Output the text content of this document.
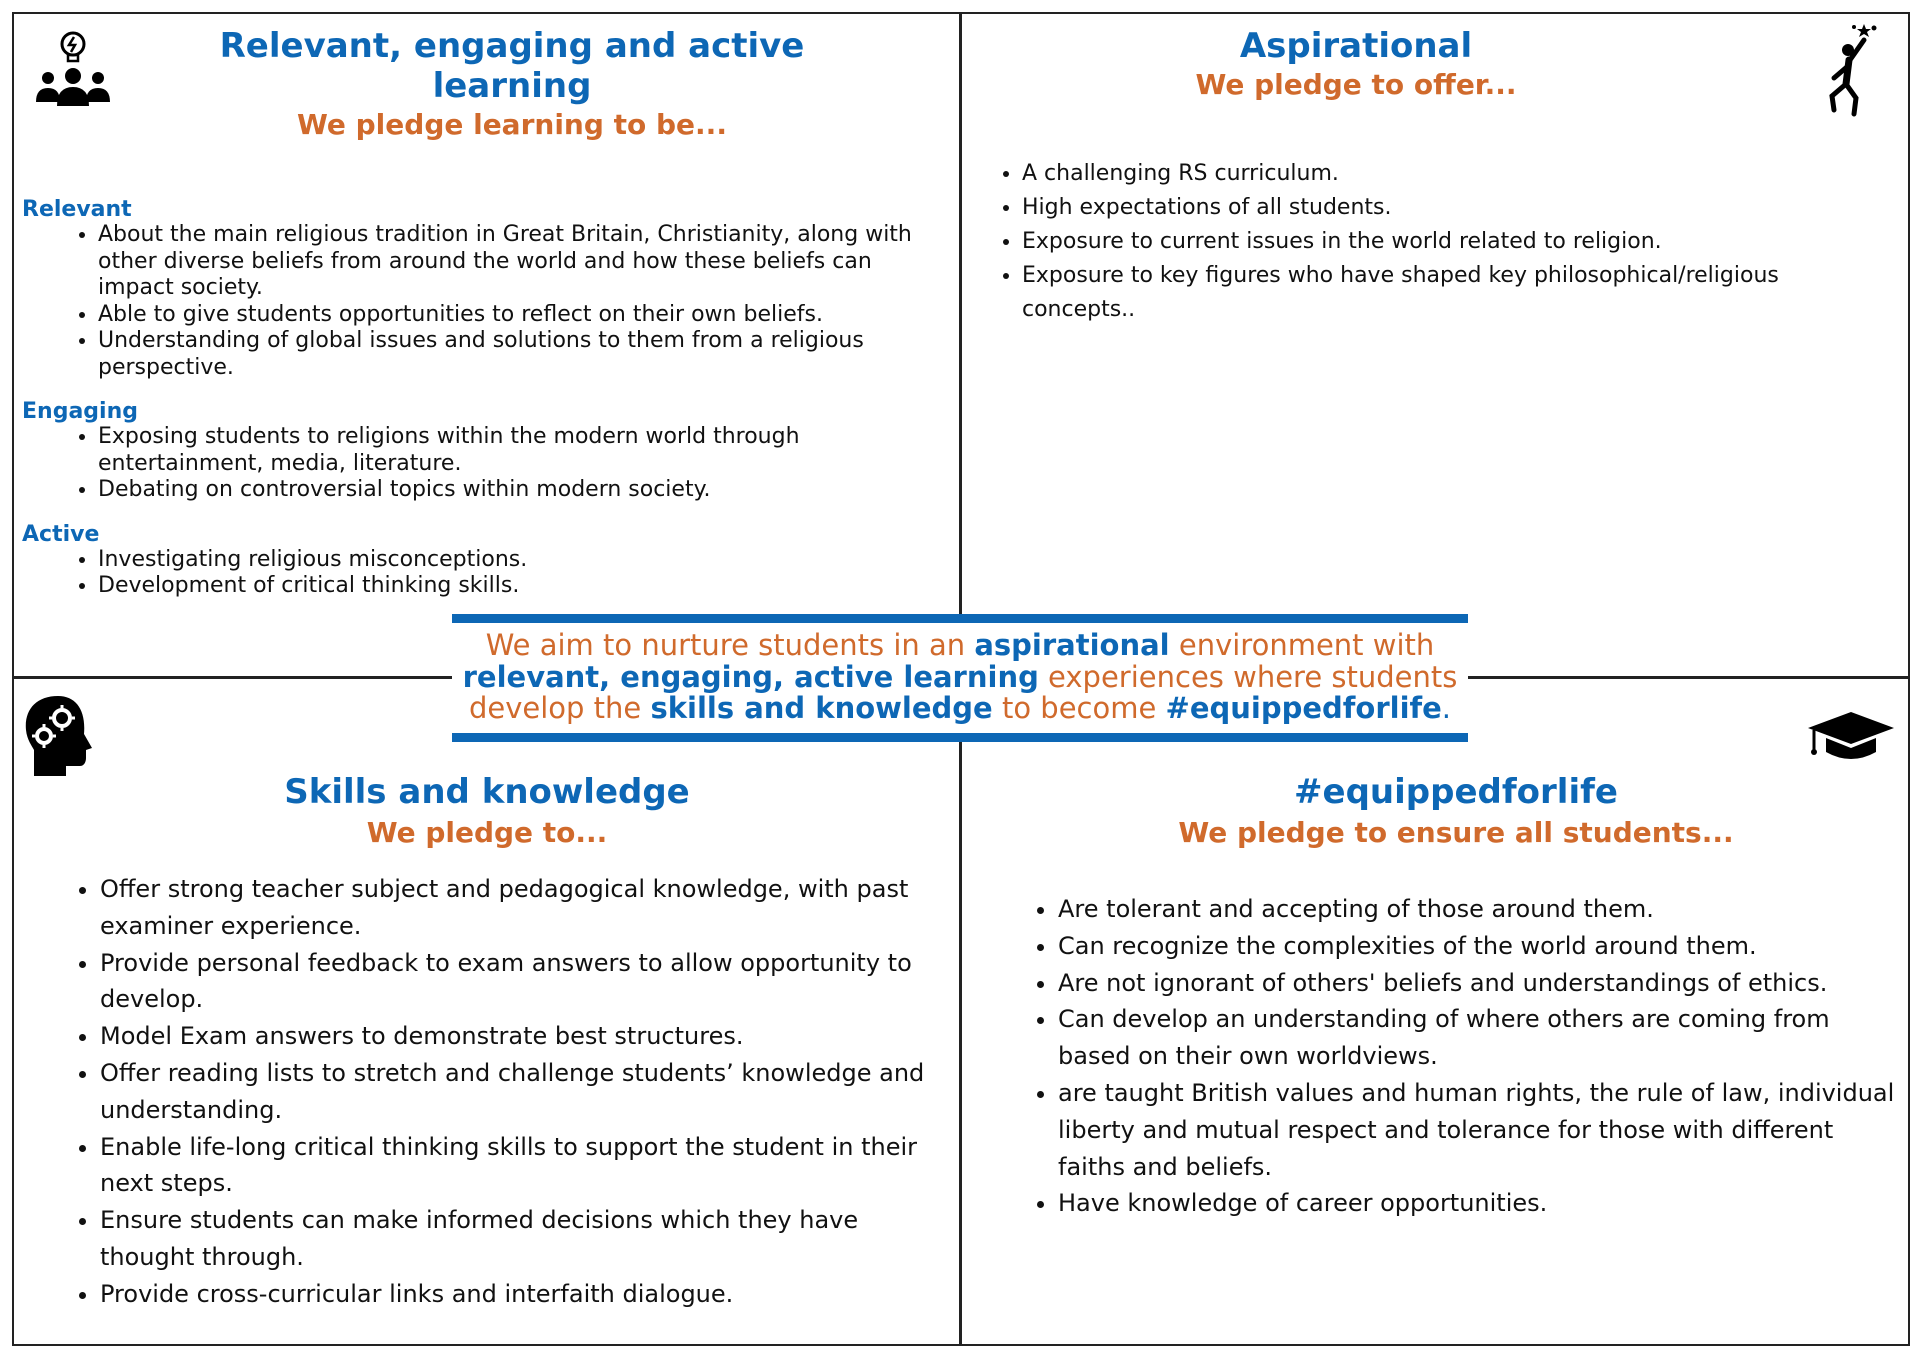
Relevant, engaging and active learning

We pledge learning to be...

Relevant

• About the main religious tradition in Great Britain, Christianity, along with other diverse beliefs from around the world and how these beliefs can impact society.
• Able to give students opportunities to reflect on their own beliefs.
• Understanding of global issues and solutions to them from a religious perspective.

Engaging

• Exposing students to religions within the modern world through entertainment, media, literature.
• Debating on controversial topics within modern society.

Active

• Investigating religious misconceptions.
• Development of critical thinking skills.

Aspirational

We pledge to offer...

• A challenging RS curriculum.
• High expectations of all students.
• Exposure to current issues in the world related to religion.
• Exposure to key figures who have shaped key philosophical/religious concepts..

Skills and knowledge

We pledge to...

• Offer strong teacher subject and pedagogical knowledge, with past examiner experience.
• Provide personal feedback to exam answers to allow opportunity to develop.
• Model Exam answers to demonstrate best structures.
• Offer reading lists to stretch and challenge students’ knowledge and understanding.
• Enable life-long critical thinking skills to support the student in their next steps.
• Ensure students can make informed decisions which they have thought through.
• Provide cross-curricular links and interfaith dialogue.

#equippedforlife

We pledge to ensure all students...

• Are tolerant and accepting of those around them.
• Can recognize the complexities of the world around them.
• Are not ignorant of others' beliefs and understandings of ethics.
• Can develop an understanding of where others are coming from based on their own worldviews.
• are taught British values and human rights, the rule of law, individual liberty and mutual respect and tolerance for those with different faiths and beliefs.
• Have knowledge of career opportunities.
We aim to nurture students in an aspirational environment with
relevant, engaging, active learning experiences where students
develop the skills and knowledge to become #equippedforlife.
